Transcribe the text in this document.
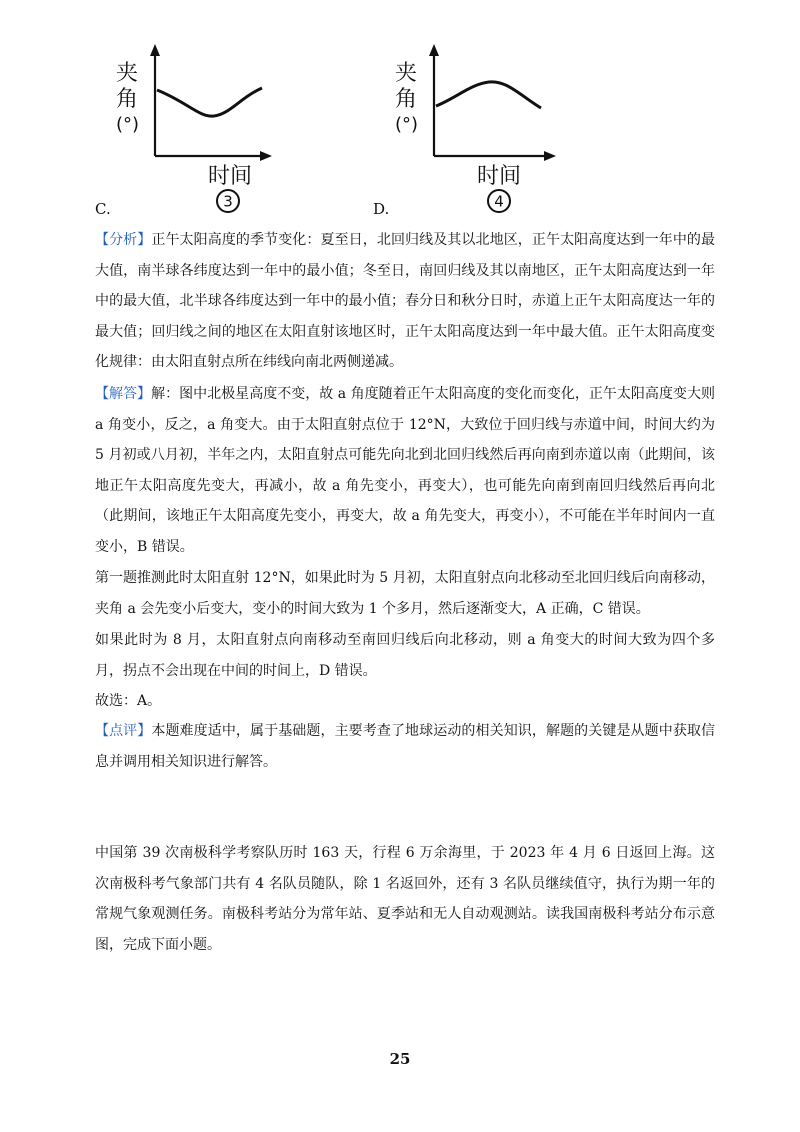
夹
角
(°)
时间
3
C.
夹
角
(°)
时间
4
D.
【分析】正午太阳高度的季节变化：夏至日，北回归线及其以北地区，正午太阳高度达到一年中的最大值，南半球各纬度达到一年中的最小值；冬至日，南回归线及其以南地区，正午太阳高度达到一年中的最大值，北半球各纬度达到一年中的最小值；春分日和秋分日时，赤道上正午太阳高度达一年的最大值；回归线之间的地区在太阳直射该地区时，正午太阳高度达到一年中最大值。正午太阳高度变化规律：由太阳直射点所在纬线向南北两侧递减。
【解答】解：图中北极星高度不变，故 a 角度随着正午太阳高度的变化而变化，正午太阳高度变大则 a 角变小，反之，a 角变大。由于太阳直射点位于 12°N，大致位于回归线与赤道中间，时间大约为 5 月初或八月初，半年之内，太阳直射点可能先向北到北回归线然后再向南到赤道以南（此期间，该地正午太阳高度先变大，再减小，故 a 角先变小，再变大），也可能先向南到南回归线然后再向北（此期间，该地正午太阳高度先变小，再变大，故 a 角先变大，再变小），不可能在半年时间内一直变小，B 错误。
第一题推测此时太阳直射 12°N，如果此时为 5 月初，太阳直射点向北移动至北回归线后向南移动，夹角 a 会先变小后变大，变小的时间大致为 1 个多月，然后逐渐变大，A 正确，C 错误。
如果此时为 8 月，太阳直射点向南移动至南回归线后向北移动，则 a 角变大的时间大致为四个多月，拐点不会出现在中间的时间上，D 错误。
故选：A。
【点评】本题难度适中，属于基础题，主要考查了地球运动的相关知识，解题的关键是从题中获取信息并调用相关知识进行解答。
中国第 39 次南极科学考察队历时 163 天，行程 6 万余海里，于 2023 年 4 月 6 日返回上海。这次南极科考气象部门共有 4 名队员随队，除 1 名返回外，还有 3 名队员继续值守，执行为期一年的常规气象观测任务。南极科考站分为常年站、夏季站和无人自动观测站。读我国南极科考站分布示意图，完成下面小题。
25
